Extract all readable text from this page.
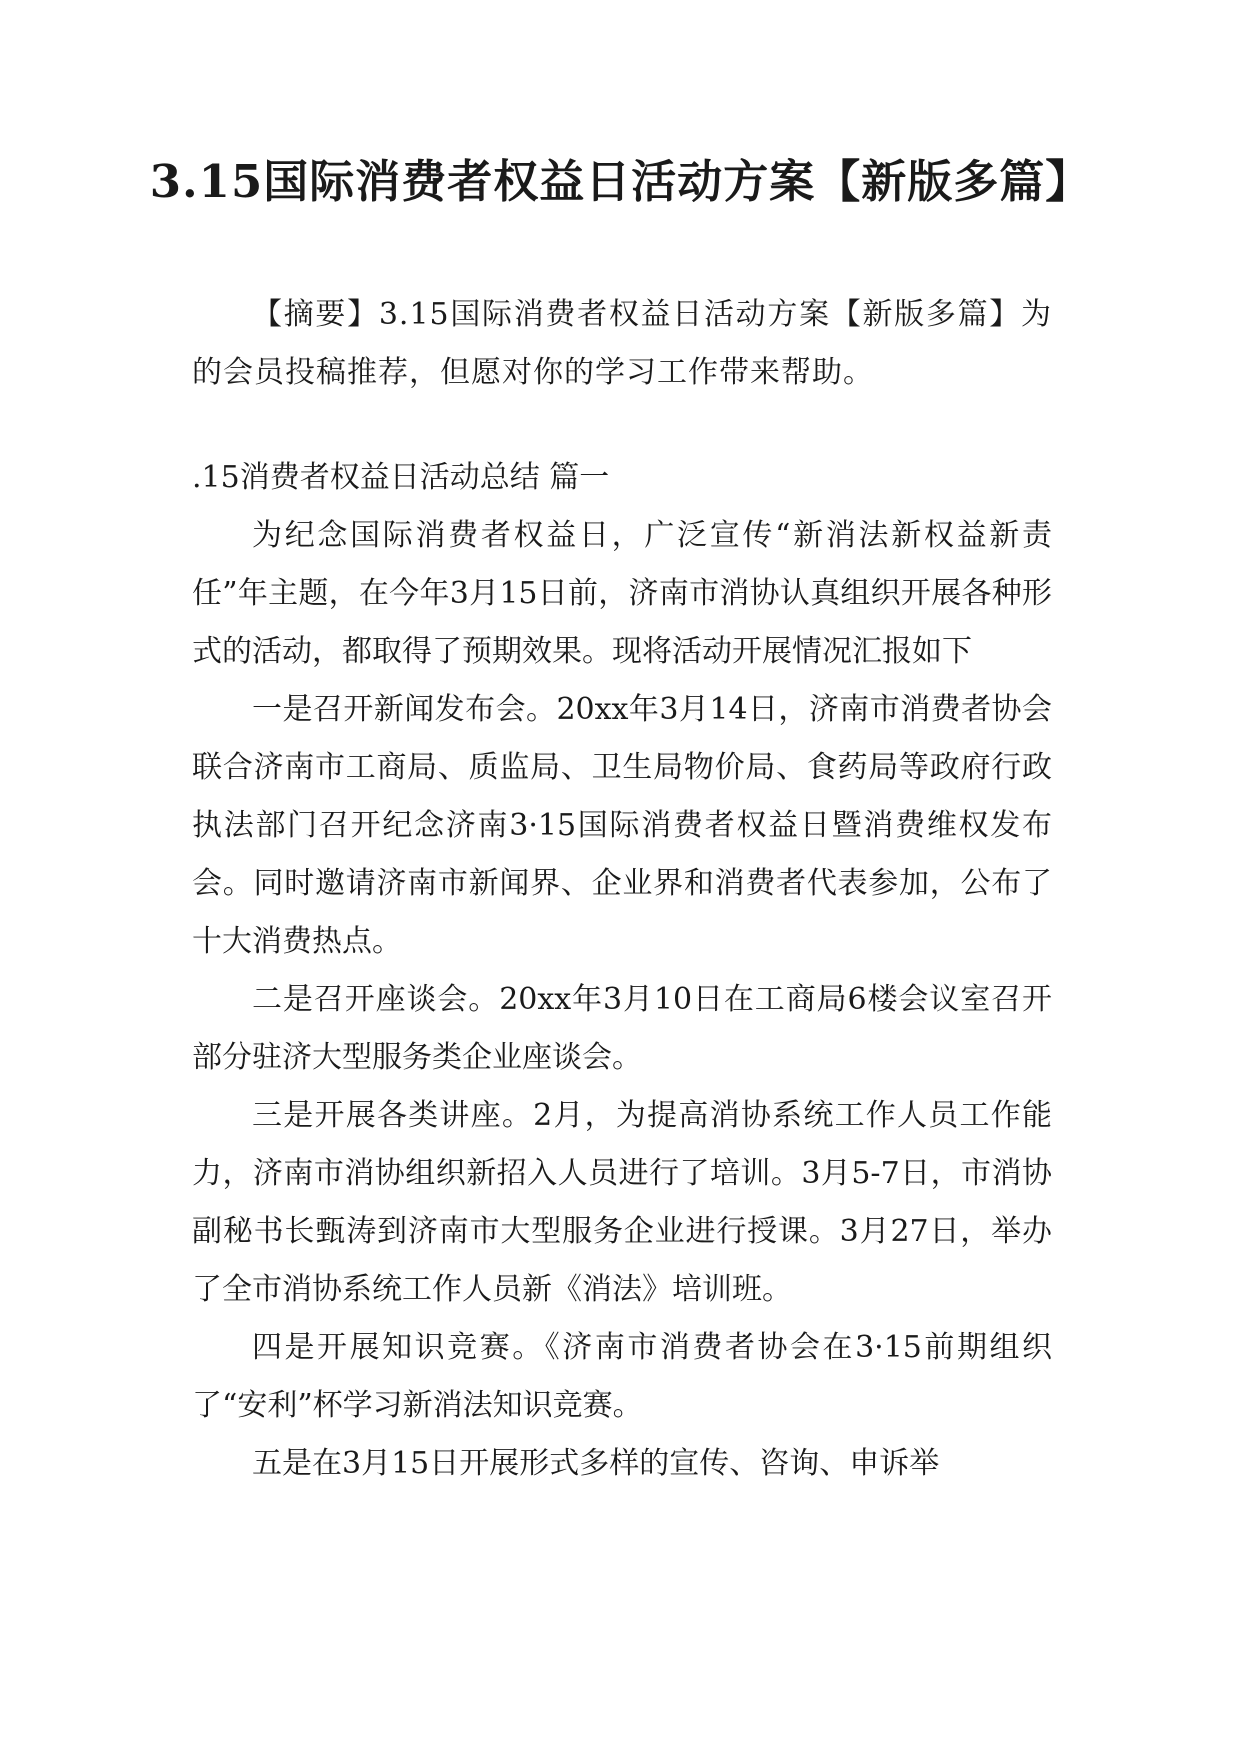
3.15国际消费者权益日活动方案【新版多篇】

【摘要】3.15国际消费者权益日活动方案【新版多篇】为的会员投稿推荐，但愿对你的学习工作带来帮助。

.15消费者权益日活动总结 篇一

为纪念国际消费者权益日，广泛宣传“新消法新权益新责任”年主题，在今年3月15日前，济南市消协认真组织开展各种形式的活动，都取得了预期效果。现将活动开展情况汇报如下

一是召开新闻发布会。20xx年3月14日，济南市消费者协会联合济南市工商局、质监局、卫生局物价局、食药局等政府行政执法部门召开纪念济南3·15国际消费者权益日暨消费维权发布会。同时邀请济南市新闻界、企业界和消费者代表参加，公布了十大消费热点。

二是召开座谈会。20xx年3月10日在工商局6楼会议室召开部分驻济大型服务类企业座谈会。

三是开展各类讲座。2月，为提高消协系统工作人员工作能力，济南市消协组织新招入人员进行了培训。3月5-7日，市消协副秘书长甄涛到济南市大型服务企业进行授课。3月27日，举办了全市消协系统工作人员新《消法》培训班。

四是开展知识竞赛。《济南市消费者协会在3·15前期组织了“安利”杯学习新消法知识竞赛。

五是在3月15日开展形式多样的宣传、咨询、申诉举
